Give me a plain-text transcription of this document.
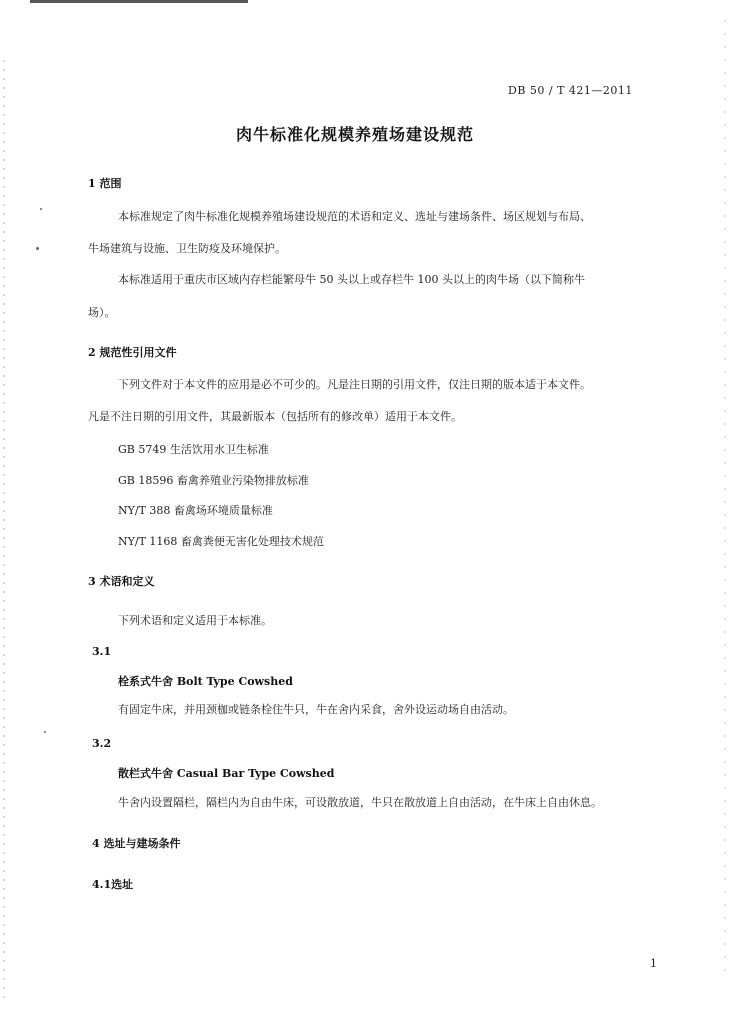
DB 50 / T 421—2011
肉牛标准化规模养殖场建设规范
1 范围
本标准规定了肉牛标准化规模养殖场建设规范的术语和定义、选址与建场条件、场区规划与布局、
牛场建筑与设施、卫生防疫及环境保护。
本标准适用于重庆市区域内存栏能繁母牛 50 头以上或存栏牛 100 头以上的肉牛场（以下简称牛
场）。
2 规范性引用文件
下列文件对于本文件的应用是必不可少的。凡是注日期的引用文件，仅注日期的版本适于本文件。
凡是不注日期的引用文件，其最新版本（包括所有的修改单）适用于本文件。
GB 5749 生活饮用水卫生标准
GB 18596 畜禽养殖业污染物排放标准
NY/T 388 畜禽场环境质量标准
NY/T 1168 畜禽粪便无害化处理技术规范
3 术语和定义
下列术语和定义适用于本标准。
3.1
栓系式牛舍 Bolt Type Cowshed
有固定牛床，并用颈枷或链条栓住牛只，牛在舍内采食，舍外设运动场自由活动。
3.2
散栏式牛舍 Casual Bar Type Cowshed
牛舍内设置隔栏，隔栏内为自由牛床，可设散放道，牛只在散放道上自由活动，在牛床上自由休息。
4 选址与建场条件
4.1选址
1
